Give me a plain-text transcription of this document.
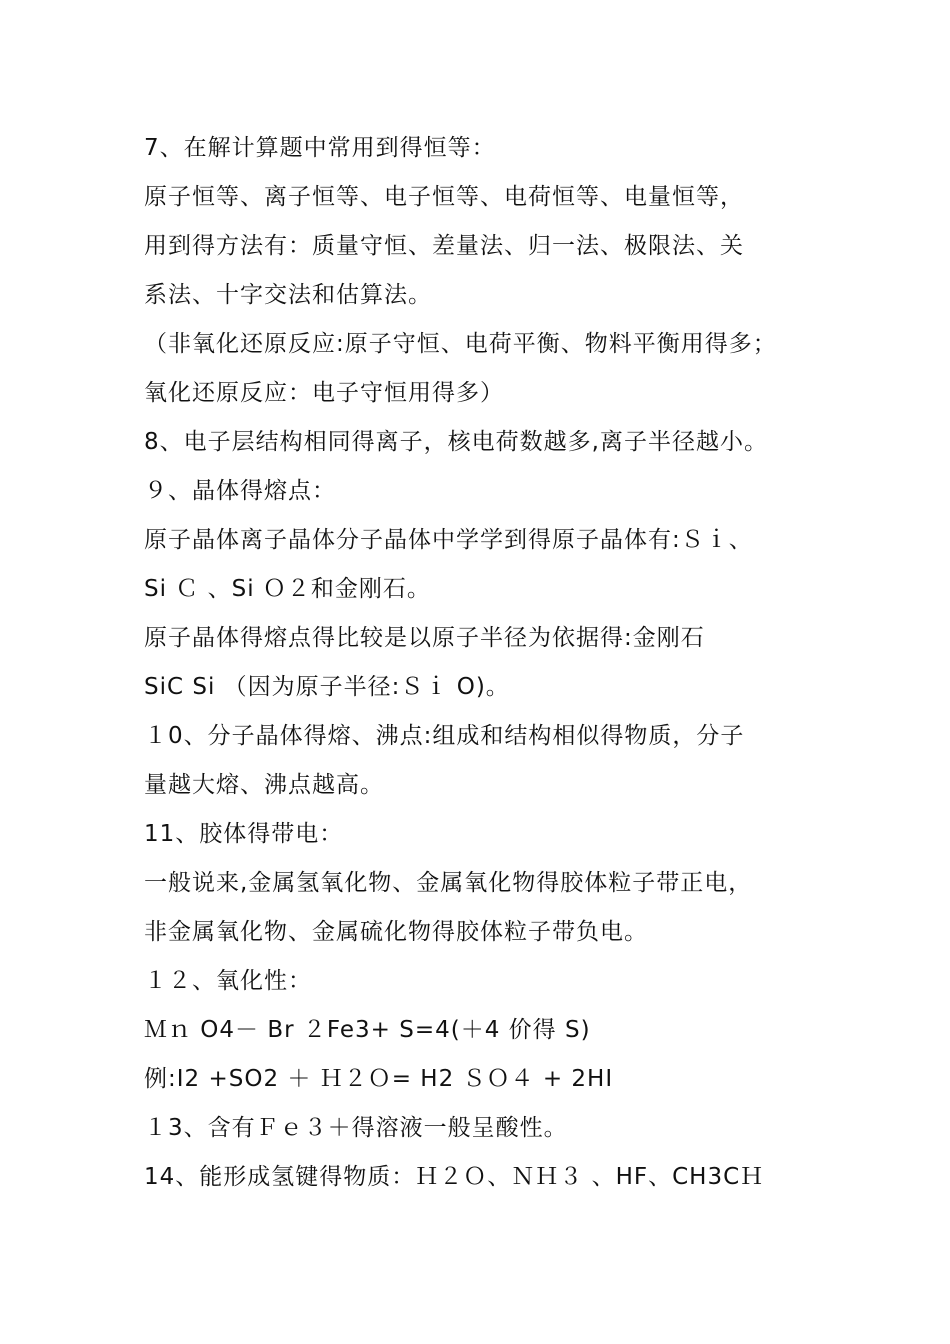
7、在解计算题中常用到得恒等：
原子恒等、离子恒等、电子恒等、电荷恒等、电量恒等，
用到得方法有：质量守恒、差量法、归一法、极限法、关
系法、十字交法和估算法。
（非氧化还原反应:原子守恒、电荷平衡、物料平衡用得多；
氧化还原反应：电子守恒用得多）
8、电子层结构相同得离子，核电荷数越多,离子半径越小。
９、晶体得熔点：
原子晶体离子晶体分子晶体中学学到得原子晶体有:Ｓｉ、
Si Ｃ 、Si Ｏ２和金刚石。
原子晶体得熔点得比较是以原子半径为依据得:金刚石
SiC Si （因为原子半径:Ｓｉ O)。
１0、分子晶体得熔、沸点:组成和结构相似得物质，分子
量越大熔、沸点越高。
11、胶体得带电：
一般说来,金属氢氧化物、金属氧化物得胶体粒子带正电，
非金属氧化物、金属硫化物得胶体粒子带负电。
１２、氧化性：
Ｍｎ O4－ Br ２Fe3+ S=4(＋4 价得 S)
例:I2 +SO2 ＋ Ｈ２Ｏ= H2 ＳＯ４ + 2HI
１3、含有Ｆｅ３＋得溶液一般呈酸性。
14、能形成氢键得物质：Ｈ２Ｏ、ＮＨ３ 、HF、CH3CＨ
